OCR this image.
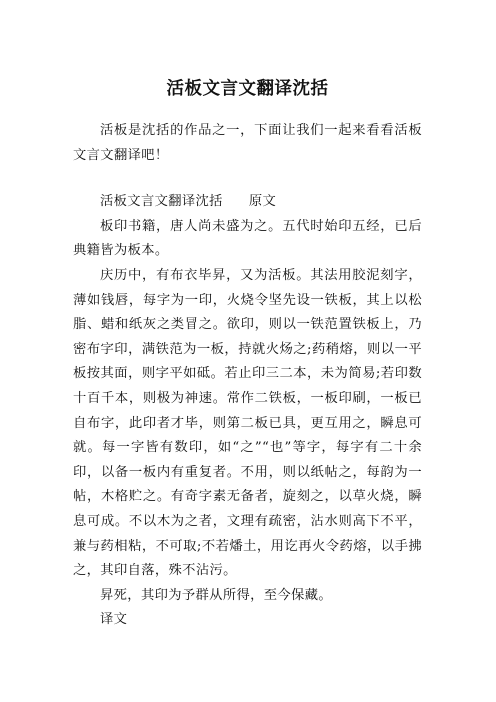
活板文言文翻译沈括

活板是沈括的作品之一，下面让我们一起来看看活板文言文翻译吧！

活板文言文翻译沈括 原文

板印书籍，唐人尚未盛为之。五代时始印五经，已后典籍皆为板本。

庆历中，有布衣毕昇，又为活板。其法用胶泥刻字，薄如钱唇，每字为一印，火烧令坚先设一铁板，其上以松脂、蜡和纸灰之类冒之。欲印，则以一铁范置铁板上，乃密布字印，满铁范为一板，持就火炀之;药稍熔，则以一平板按其面，则字平如砥。若止印三二本，未为简易;若印数十百千本，则极为神速。常作二铁板，一板印刷，一板已自布字，此印者才毕，则第二板已具，更互用之，瞬息可就。每一字皆有数印，如“之”“也”等字，每字有二十余印，以备一板内有重复者。不用，则以纸帖之，每韵为一帖，木格贮之。有奇字素无备者，旋刻之，以草火烧，瞬息可成。不以木为之者，文理有疏密，沾水则高下不平，兼与药相粘，不可取;不若燔土，用讫再火令药熔，以手拂之，其印自落，殊不沾污。

昇死，其印为予群从所得，至今保藏。

译文
